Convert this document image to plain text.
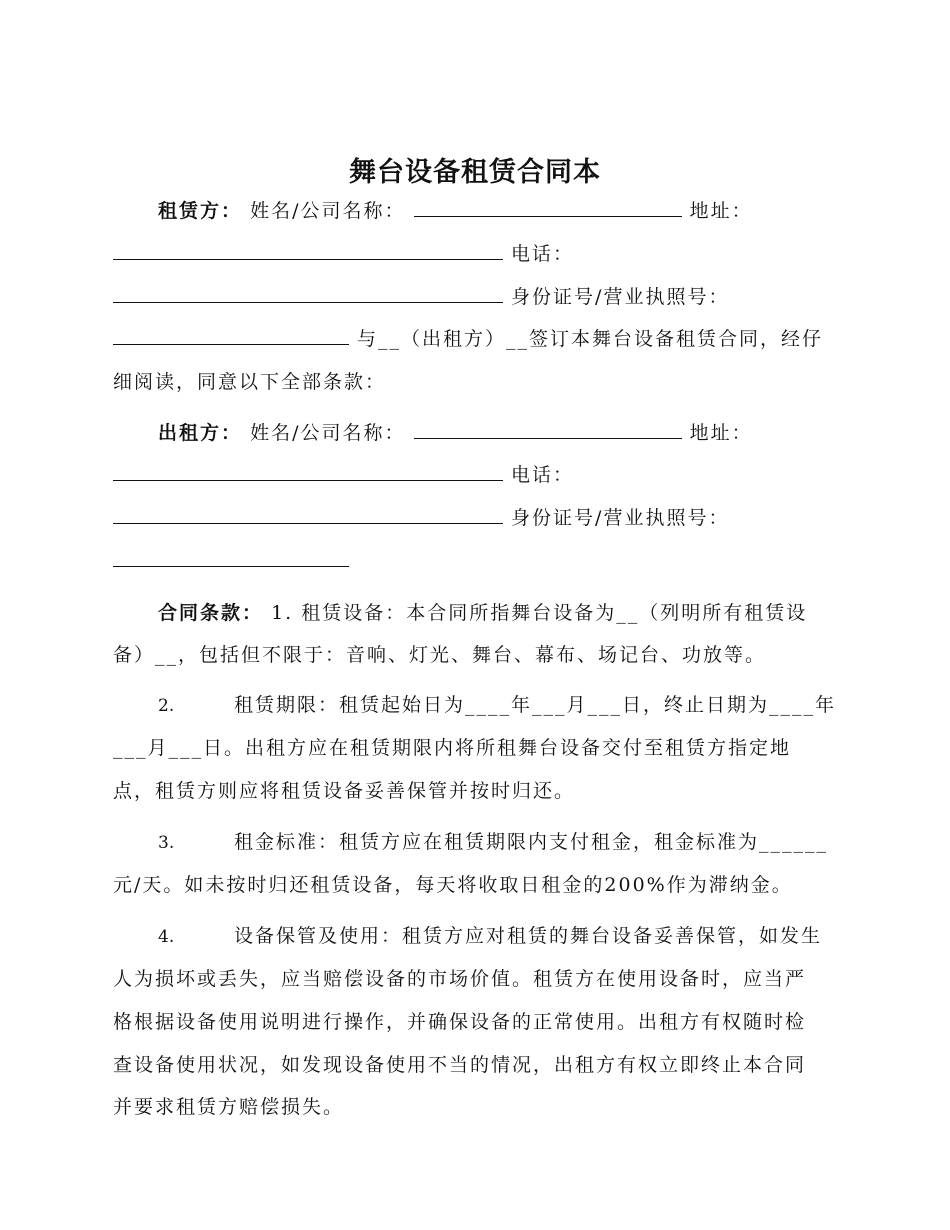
舞台设备租赁合同本
租赁方： 姓名/公司名称：	地址：
电话：
身份证号/营业执照号：
与__（出租方）__签订本舞台设备租赁合同，经仔
细阅读，同意以下全部条款：
出租方： 姓名/公司名称：	地址：
电话：
身份证号/营业执照号：
合同条款： 1. 租赁设备：本合同所指舞台设备为__（列明所有租赁设
备）__，包括但不限于：音响、灯光、舞台、幕布、场记台、功放等。
2.	租赁期限：租赁起始日为____年___月___日，终止日期为____年
___月___日。出租方应在租赁期限内将所租舞台设备交付至租赁方指定地
点，租赁方则应将租赁设备妥善保管并按时归还。
3.	租金标准：租赁方应在租赁期限内支付租金，租金标准为______
元/天。如未按时归还租赁设备，每天将收取日租金的200%作为滞纳金。
4.	设备保管及使用：租赁方应对租赁的舞台设备妥善保管，如发生
人为损坏或丢失，应当赔偿设备的市场价值。租赁方在使用设备时，应当严
格根据设备使用说明进行操作，并确保设备的正常使用。出租方有权随时检
查设备使用状况，如发现设备使用不当的情况，出租方有权立即终止本合同
并要求租赁方赔偿损失。
